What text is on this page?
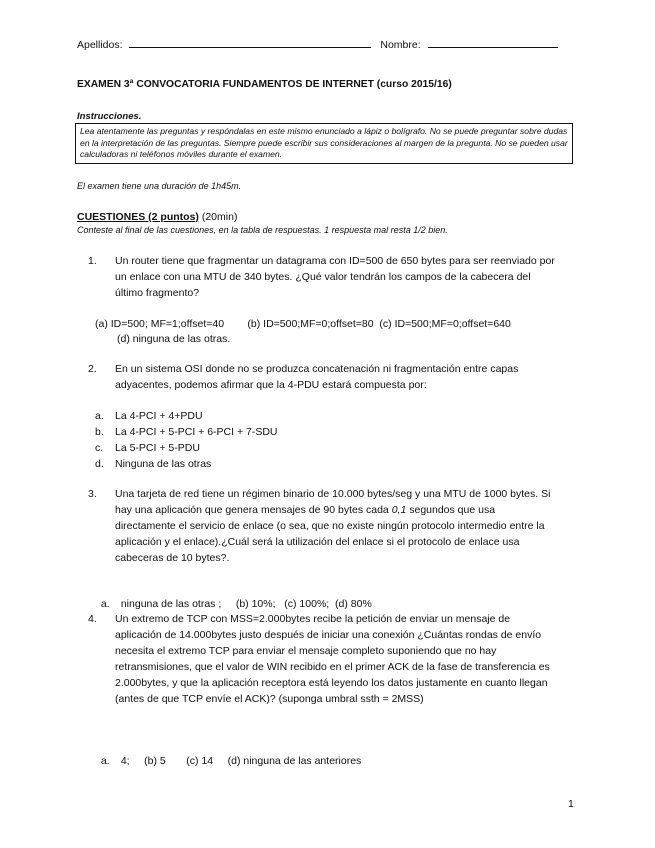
Apellidos:	Nombre:
EXAMEN 3ª CONVOCATORIA FUNDAMENTOS DE INTERNET (curso 2015/16)
Instrucciones.
Lea atentamente las preguntas y respóndalas en este mismo enunciado a lápiz o bolígrafo. No se puede preguntar sobre dudas en la interpretación de las preguntas. Siempre puede escribir sus consideraciones al margen de la pregunta. No se pueden usar calculadoras ni teléfonos móviles durante el examen.
El examen tiene una duración de 1h45m.
CUESTIONES (2 puntos) (20min)
Conteste al final de las cuestiones, en la tabla de respuestas. 1 respuesta mal resta 1/2 bien.
1.	Un router tiene que fragmentar un datagrama con ID=500 de 650 bytes para ser reenviado por un enlace con una MTU de 340 bytes. ¿Qué valor tendrán los campos de la cabecera del último fragmento?
(a) ID=500; MF=1;offset=40        (b) ID=500;MF=0;offset=80  (c) ID=500;MF=0;offset=640
(d) ninguna de las otras.
2.	En un sistema OSI donde no se produzca concatenación ni fragmentación entre capas adyacentes, podemos afirmar que la 4-PDU estará compuesta por:
a.	La 4-PCI + 4+PDU
b.	La 4-PCI + 5-PCI + 6-PCI + 7-SDU
c.	La 5-PCI + 5-PDU
d.	Ninguna de las otras
3.	Una tarjeta de red tiene un régimen binario de 10.000 bytes/seg y una MTU de 1000 bytes. Si hay una aplicación que genera mensajes de 90 bytes cada 0,1 segundos que usa directamente el servicio de enlace (o sea, que no existe ningún protocolo intermedio entre la aplicación y el enlace).¿Cuál será la utilización del enlace si el protocolo de enlace usa cabeceras de 10 bytes?.

a.	ninguna de las otras ;     (b) 10%;   (c) 100%;  (d) 80%

4.	Un extremo de TCP con MSS=2.000bytes recibe la petición de enviar un mensaje de aplicación de 14.000bytes justo después de iniciar una conexión ¿Cuántas rondas de envío necesita el extremo TCP para enviar el mensaje completo suponiendo que no hay retransmisiones, que el valor de WIN recibido en el primer ACK de la fase de transferencia es 2.000bytes, y que la aplicación receptora está leyendo los datos justamente en cuanto llegan (antes de que TCP envíe el ACK)? (suponga umbral ssth = 2MSS)

a.	4;     (b) 5       (c) 14     (d) ninguna de las anteriores

1
